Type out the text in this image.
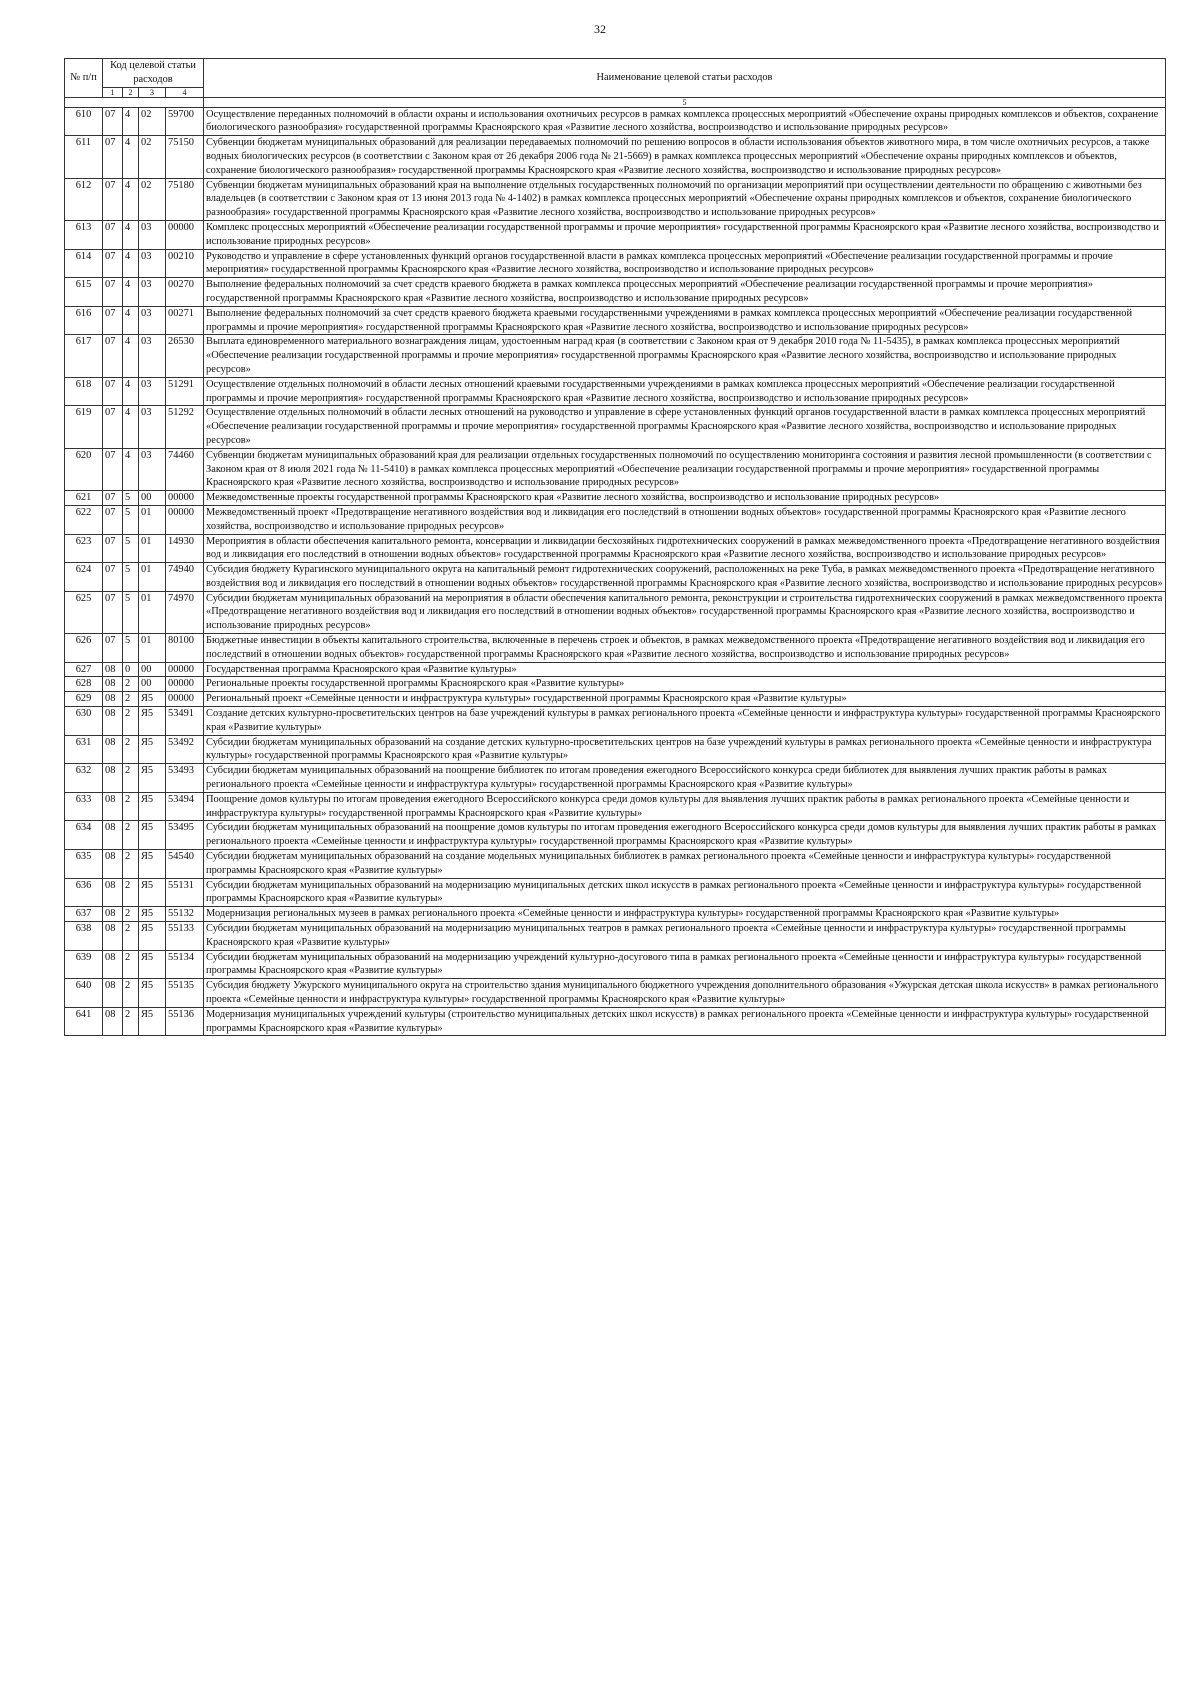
32
№ п/п	Код целевой статьи расходов				Наименование целевой статьи расходов
	1	2	3	4	

					5
610	07	4	02	59700	Осуществление переданных полномочий в области охраны и использования охотничьих ресурсов в рамках комплекса процессных мероприятий «Обеспечение охраны природных комплексов и объектов, сохранение биологического разнообразия» государственной программы Красноярского края «Развитие лесного хозяйства, воспроизводство и использование природных ресурсов»
611	07	4	02	75150	Субвенции бюджетам муниципальных образований для реализации передаваемых полномочий по решению вопросов в области использования объектов животного мира, в том числе охотничьих ресурсов, а также водных биологических ресурсов (в соответствии с Законом края от 26 декабря 2006 года № 21-5669) в рамках комплекса процессных мероприятий «Обеспечение охраны природных комплексов и объектов, сохранение биологического разнообразия» государственной программы Красноярского края «Развитие лесного хозяйства, воспроизводство и использование природных ресурсов»
612	07	4	02	75180	Субвенции бюджетам муниципальных образований края на выполнение отдельных государственных полномочий по организации мероприятий при осуществлении деятельности по обращению с животными без владельцев (в соответствии с Законом края от 13 июня 2013 года № 4-1402) в рамках комплекса процессных мероприятий «Обеспечение охраны природных комплексов и объектов, сохранение биологического разнообразия» государственной программы Красноярского края «Развитие лесного хозяйства, воспроизводство и использование природных ресурсов»
613	07	4	03	00000	Комплекс процессных мероприятий «Обеспечение реализации государственной программы и прочие мероприятия» государственной программы Красноярского края «Развитие лесного хозяйства, воспроизводство и использование природных ресурсов»
614	07	4	03	00210	Руководство и управление в сфере установленных функций органов государственной власти в рамках комплекса процессных мероприятий «Обеспечение реализации государственной программы и прочие мероприятия» государственной программы Красноярского края «Развитие лесного хозяйства, воспроизводство и использование природных ресурсов»
615	07	4	03	00270	Выполнение федеральных полномочий за счет средств краевого бюджета в рамках комплекса процессных мероприятий «Обеспечение реализации государственной программы и прочие мероприятия» государственной программы Красноярского края «Развитие лесного хозяйства, воспроизводство и использование природных ресурсов»
616	07	4	03	00271	Выполнение федеральных полномочий за счет средств краевого бюджета краевыми государственными учреждениями в рамках комплекса процессных мероприятий «Обеспечение реализации государственной программы и прочие мероприятия» государственной программы Красноярского края «Развитие лесного хозяйства, воспроизводство и использование природных ресурсов»
617	07	4	03	26530	Выплата единовременного материального вознаграждения лицам, удостоенным наград края (в соответствии с Законом края от 9 декабря 2010 года № 11-5435), в рамках комплекса процессных мероприятий «Обеспечение реализации государственной программы и прочие мероприятия» государственной программы Красноярского края «Развитие лесного хозяйства, воспроизводство и использование природных ресурсов»
618	07	4	03	51291	Осуществление отдельных полномочий в области лесных отношений краевыми государственными учреждениями в рамках комплекса процессных мероприятий «Обеспечение реализации государственной программы и прочие мероприятия» государственной программы Красноярского края «Развитие лесного хозяйства, воспроизводство и использование природных ресурсов»
619	07	4	03	51292	Осуществление отдельных полномочий в области лесных отношений на руководство и управление в сфере установленных функций органов государственной власти в рамках комплекса процессных мероприятий «Обеспечение реализации государственной программы и прочие мероприятия» государственной программы Красноярского края «Развитие лесного хозяйства, воспроизводство и использование природных ресурсов»
620	07	4	03	74460	Субвенции бюджетам муниципальных образований края для реализации отдельных государственных полномочий по осуществлению мониторинга состояния и развития лесной промышленности (в соответствии с Законом края от 8 июля 2021 года № 11-5410) в рамках комплекса процессных мероприятий «Обеспечение реализации государственной программы и прочие мероприятия» государственной программы Красноярского края «Развитие лесного хозяйства, воспроизводство и использование природных ресурсов»
621	07	5	00	00000	Межведомственные проекты государственной программы Красноярского края «Развитие лесного хозяйства, воспроизводство и использование природных ресурсов»
622	07	5	01	00000	Межведомственный проект «Предотвращение негативного воздействия вод и ликвидация его последствий в отношении водных объектов» государственной программы Красноярского края «Развитие лесного хозяйства, воспроизводство и использование природных ресурсов»
623	07	5	01	14930	Мероприятия в области обеспечения капитального ремонта, консервации и ликвидации бесхозяйных гидротехнических сооружений в рамках межведомственного проекта «Предотвращение негативного воздействия вод и ликвидация его последствий в отношении водных объектов» государственной программы Красноярского края «Развитие лесного хозяйства, воспроизводство и использование природных ресурсов»
624	07	5	01	74940	Субсидия бюджету Курагинского муниципального округа на капитальный ремонт гидротехнических сооружений, расположенных на реке Туба, в рамках межведомственного проекта «Предотвращение негативного воздействия вод и ликвидация его последствий в отношении водных объектов» государственной программы Красноярского края «Развитие лесного хозяйства, воспроизводство и использование природных ресурсов»
625	07	5	01	74970	Субсидии бюджетам муниципальных образований на мероприятия в области обеспечения капитального ремонта, реконструкции и строительства гидротехнических сооружений в рамках межведомственного проекта «Предотвращение негативного воздействия вод и ликвидация его последствий в отношении водных объектов» государственной программы Красноярского края «Развитие лесного хозяйства, воспроизводство и использование природных ресурсов»
626	07	5	01	80100	Бюджетные инвестиции в объекты капитального строительства, включенные в перечень строек и объектов, в рамках межведомственного проекта «Предотвращение негативного воздействия вод и ликвидация его последствий в отношении водных объектов» государственной программы Красноярского края «Развитие лесного хозяйства, воспроизводство и использование природных ресурсов»
627	08	0	00	00000	Государственная программа Красноярского края «Развитие культуры»
628	08	2	00	00000	Региональные проекты государственной программы Красноярского края «Развитие культуры»
629	08	2	Я5	00000	Региональный проект «Семейные ценности и инфраструктура культуры» государственной программы Красноярского края «Развитие культуры»
630	08	2	Я5	53491	Создание детских культурно-просветительских центров на базе учреждений культуры в рамках регионального проекта «Семейные ценности и инфраструктура культуры» государственной программы Красноярского края «Развитие культуры»
631	08	2	Я5	53492	Субсидии бюджетам муниципальных образований на создание детских культурно-просветительских центров на базе учреждений культуры в рамках регионального проекта «Семейные ценности и инфраструктура культуры» государственной программы Красноярского края «Развитие культуры»
632	08	2	Я5	53493	Субсидии бюджетам муниципальных образований на поощрение библиотек по итогам проведения ежегодного Всероссийского конкурса среди библиотек для выявления лучших практик работы в рамках регионального проекта «Семейные ценности и инфраструктура культуры» государственной программы Красноярского края «Развитие культуры»
633	08	2	Я5	53494	Поощрение домов культуры по итогам проведения ежегодного Всероссийского конкурса среди домов культуры для выявления лучших практик работы в рамках регионального проекта «Семейные ценности и инфраструктура культуры» государственной программы Красноярского края «Развитие культуры»
634	08	2	Я5	53495	Субсидии бюджетам муниципальных образований на поощрение домов культуры по итогам проведения ежегодного Всероссийского конкурса среди домов культуры для выявления лучших практик работы в рамках регионального проекта «Семейные ценности и инфраструктура культуры» государственной программы Красноярского края «Развитие культуры»
635	08	2	Я5	54540	Субсидии бюджетам муниципальных образований на создание модельных муниципальных библиотек в рамках регионального проекта «Семейные ценности и инфраструктура культуры» государственной программы Красноярского края «Развитие культуры»
636	08	2	Я5	55131	Субсидии бюджетам муниципальных образований на модернизацию муниципальных детских школ искусств в рамках регионального проекта «Семейные ценности и инфраструктура культуры» государственной программы Красноярского края «Развитие культуры»
637	08	2	Я5	55132	Модернизация региональных музеев в рамках регионального проекта «Семейные ценности и инфраструктура культуры» государственной программы Красноярского края «Развитие культуры»
638	08	2	Я5	55133	Субсидии бюджетам муниципальных образований на модернизацию муниципальных театров в рамках регионального проекта «Семейные ценности и инфраструктура культуры» государственной программы Красноярского края «Развитие культуры»
639	08	2	Я5	55134	Субсидии бюджетам муниципальных образований на модернизацию учреждений культурно-досугового типа в рамках регионального проекта «Семейные ценности и инфраструктура культуры» государственной программы Красноярского края «Развитие культуры»
640	08	2	Я5	55135	Субсидия бюджету Ужурского муниципального округа на строительство здания муниципального бюджетного учреждения дополнительного образования «Ужурская детская школа искусств» в рамках регионального проекта «Семейные ценности и инфраструктура культуры» государственной программы Красноярского края «Развитие культуры»
641	08	2	Я5	55136	Модернизация муниципальных учреждений культуры (строительство муниципальных детских школ искусств) в рамках регионального проекта «Семейные ценности и инфраструктура культуры» государственной программы Красноярского края «Развитие культуры»
